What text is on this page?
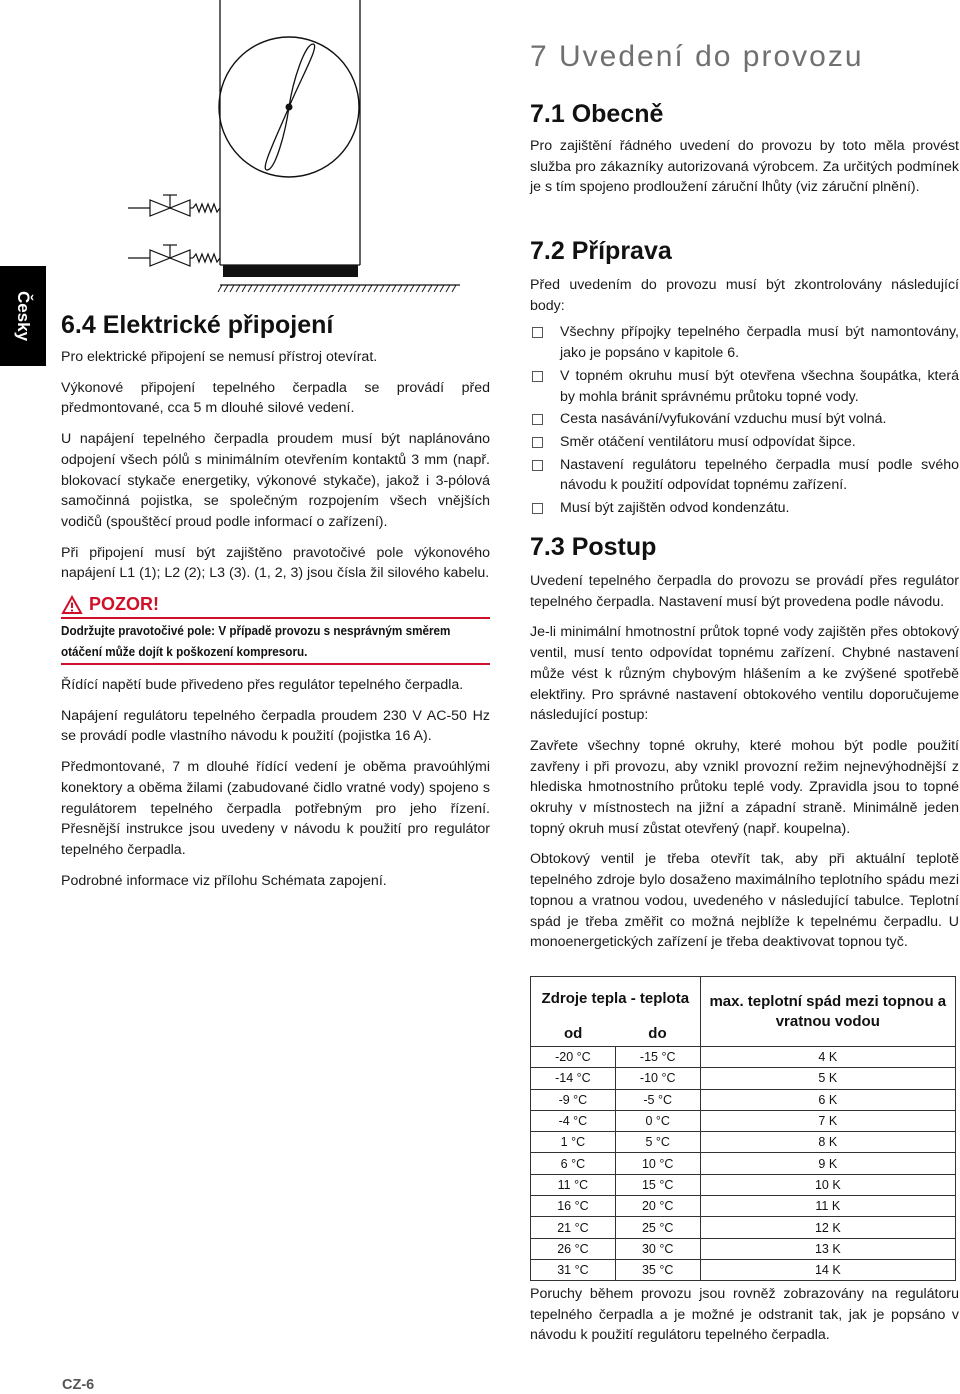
Česky
7 Uvedení do provozu
6.4 Elektrické připojení

Pro elektrické připojení se nemusí přístroj otevírat.

Výkonové připojení tepelného čerpadla se provádí před předmontované, cca 5 m dlouhé silové vedení.

U napájení tepelného čerpadla proudem musí být naplánováno odpojení všech pólů s minimálním otevřením kontaktů 3 mm (např. blokovací stykače energetiky, výkonové stykače), jakož i 3-pólová samočinná pojistka, se společným rozpojením všech vnějších vodičů (spouštěcí proud podle informací o zařízení).

Při připojení musí být zajištěno pravotočivé pole výkonového napájení L1 (1); L2 (2); L3 (3). (1, 2, 3) jsou čísla žil silového kabelu.

POZOR!
Dodržujte pravotočivé pole: V případě provozu s nesprávným směrem otáčení může dojít k poškození kompresoru.

Řídící napětí bude přivedeno přes regulátor tepelného čerpadla.

Napájení regulátoru tepelného čerpadla proudem 230 V AC-50 Hz se provádí podle vlastního návodu k použití (pojistka 16 A).

Předmontované, 7 m dlouhé řídící vedení je oběma pravoúhlými konektory a oběma žilami (zabudované čidlo vratné vody) spojeno s regulátorem tepelného čerpadla potřebným pro jeho řízení. Přesnější instrukce jsou uvedeny v návodu k použití pro regulátor tepelného čerpadla.

Podrobné informace viz přílohu Schémata zapojení.

7.1 Obecně

Pro zajištění řádného uvedení do provozu by toto měla provést služba pro zákazníky autorizovaná výrobcem. Za určitých podmínek je s tím spojeno prodloužení záruční lhůty (viz záruční plnění).

7.2 Příprava

Před uvedením do provozu musí být zkontrolovány následující body:

Všechny přípojky tepelného čerpadla musí být namontovány, jako je popsáno v kapitole 6.
V topném okruhu musí být otevřena všechna šoupátka, která by mohla bránit správnému průtoku topné vody.
Cesta nasávání/vyfukování vzduchu musí být volná.
Směr otáčení ventilátoru musí odpovídat šipce.
Nastavení regulátoru tepelného čerpadla musí podle svého návodu k použití odpovídat topnému zařízení.
Musí být zajištěn odvod kondenzátu.
7.3 Postup

Uvedení tepelného čerpadla do provozu se provádí přes regulátor tepelného čerpadla. Nastavení musí být provedena podle návodu.

Je-li minimální hmotnostní průtok topné vody zajištěn přes obtokový ventil, musí tento odpovídat topnému zařízení. Chybné nastavení může vést k různým chybovým hlášením a ke zvýšené spotřebě elektřiny. Pro správné nastavení obtokového ventilu doporučujeme následující postup:

Zavřete všechny topné okruhy, které mohou být podle použití zavřeny i při provozu, aby vznikl provozní režim nejnevýhodnější z hlediska hmotnostního průtoku teplé vody. Zpravidla jsou to topné okruhy v místnostech na jižní a západní straně. Minimálně jeden topný okruh musí zůstat otevřený (např. koupelna).

Obtokový ventil je třeba otevřít tak, aby při aktuální teplotě tepelného zdroje bylo dosaženo maximálního teplotního spádu mezi topnou a vratnou vodou, uvedeného v následující tabulce. Teplotní spád je třeba změřit co možná nejblíže k tepelnému čerpadlu. U monoenergetických zařízení je třeba deaktivovat topnou tyč.

Zdroje tepla - teplota		max. teplotní spád mezi topnou a vratnou vodou
od	do	
-20 °C	-15 °C	4 K
-14 °C	-10 °C	5 K
-9 °C	-5 °C	6 K
-4 °C	0 °C	7 K
1 °C	5 °C	8 K
6 °C	10 °C	9 K
11 °C	15 °C	10 K
16 °C	20 °C	11 K
21 °C	25 °C	12 K
26 °C	30 °C	13 K
31 °C	35 °C	14 K

Poruchy během provozu jsou rovněž zobrazovány na regulátoru tepelného čerpadla a je možné je odstranit tak, jak je popsáno v návodu k použití regulátoru tepelného čerpadla.

CZ-6
